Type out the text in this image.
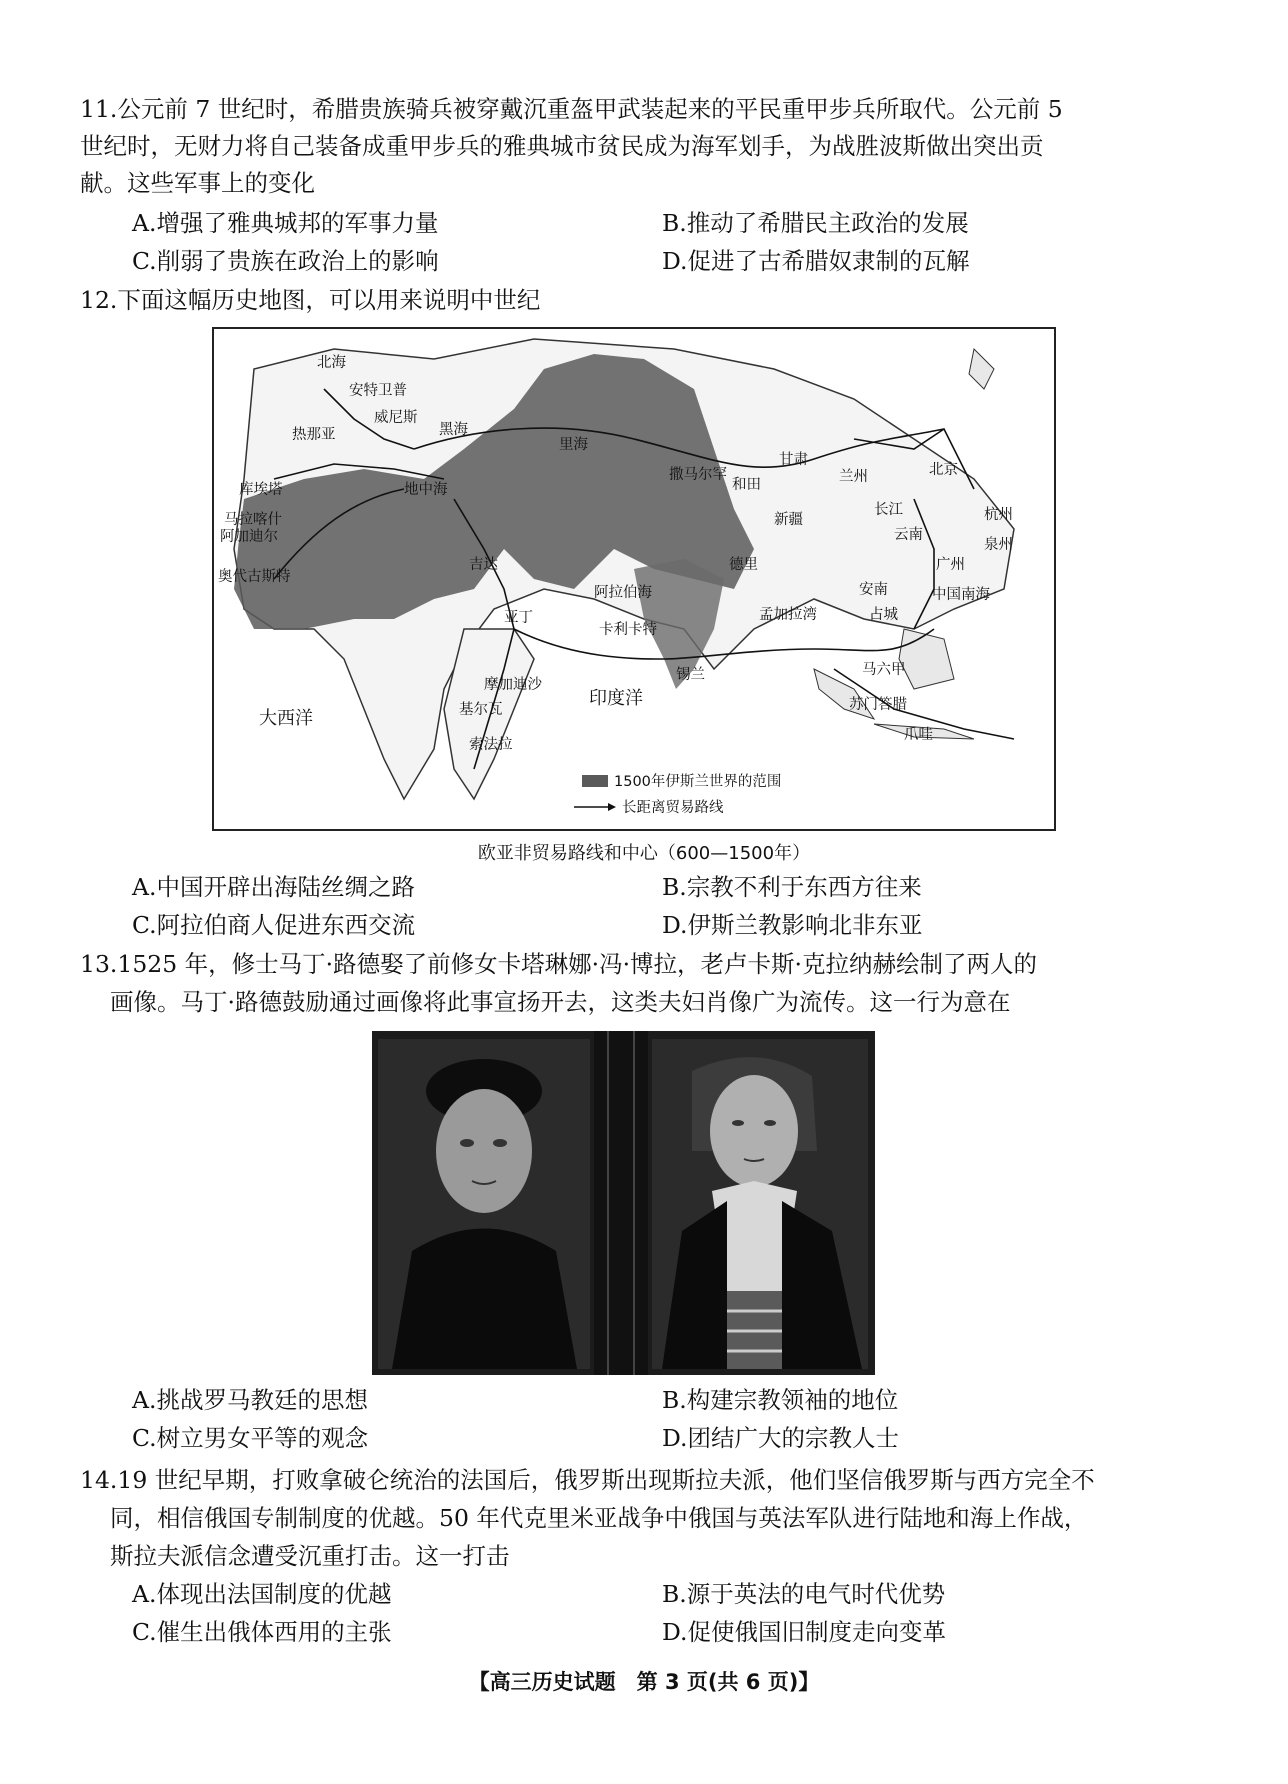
11.公元前 7 世纪时，希腊贵族骑兵被穿戴沉重盔甲武装起来的平民重甲步兵所取代。公元前 5
世纪时，无财力将自己装备成重甲步兵的雅典城市贫民成为海军划手，为战胜波斯做出突出贡
献。这些军事上的变化
A.增强了雅典城邦的军事力量	B.推动了希腊民主政治的发展
C.削弱了贵族在政治上的影响	D.促进了古希腊奴隶制的瓦解
12.下面这幅历史地图，可以用来说明中世纪
北海
安特卫普
威尼斯
热那亚	黑海
地中海
里海
库埃塔
马拉喀什
阿加迪尔
奥代古斯特
甘肃
兰州	北京
和田
撒马尔罕
新疆
长江
云南
杭州
泉州
广州
中国南海
阿拉伯海
卡利卡特
孟加拉湾
锡兰	马六甲
苏门答腊
爪哇
印度洋
大西洋
摩加迪沙
基尔瓦
索法拉
亚丁
安南
占城
德里
吉达
1500年伊斯兰世界的范围
长距离贸易路线
欧亚非贸易路线和中心（600—1500年）
A.中国开辟出海陆丝绸之路	B.宗教不利于东西方往来
C.阿拉伯商人促进东西交流	D.伊斯兰教影响北非东亚
13.1525 年，修士马丁·路德娶了前修女卡塔琳娜·冯·博拉，老卢卡斯·克拉纳赫绘制了两人的
画像。马丁·路德鼓励通过画像将此事宣扬开去，这类夫妇肖像广为流传。这一行为意在
A.挑战罗马教廷的思想	B.构建宗教领袖的地位
C.树立男女平等的观念	D.团结广大的宗教人士
14.19 世纪早期，打败拿破仑统治的法国后，俄罗斯出现斯拉夫派，他们坚信俄罗斯与西方完全不
同，相信俄国专制制度的优越。50 年代克里米亚战争中俄国与英法军队进行陆地和海上作战，
斯拉夫派信念遭受沉重打击。这一打击
A.体现出法国制度的优越	B.源于英法的电气时代优势
C.催生出俄体西用的主张	D.促使俄国旧制度走向变革
【高三历史试题　第 3 页(共 6 页)】
